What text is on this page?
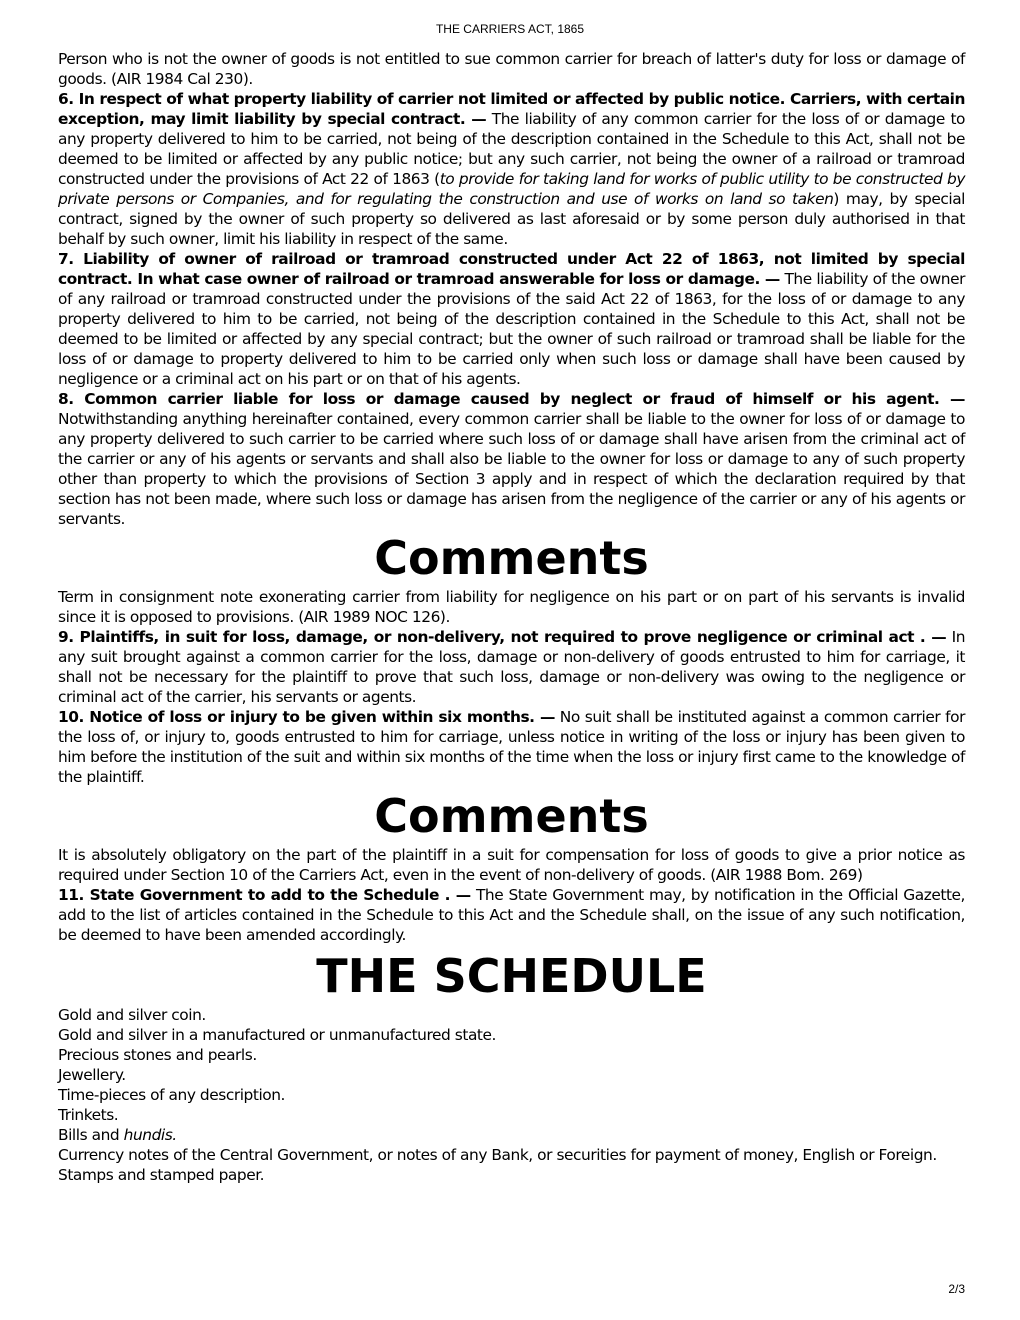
THE CARRIERS ACT, 1865

Person who is not the owner of goods is not entitled to sue common carrier for breach of latter's duty for loss or damage of goods. (AIR 1984 Cal 230).

6. In respect of what property liability of carrier not limited or affected by public notice. Carriers, with certain exception, may limit liability by special contract. — The liability of any common carrier for the loss of or damage to any property delivered to him to be carried, not being of the description contained in the Schedule to this Act, shall not be deemed to be limited or affected by any public notice; but any such carrier, not being the owner of a railroad or tramroad constructed under the provisions of Act 22 of 1863 (to provide for taking land for works of public utility to be constructed by private persons or Companies, and for regulating the construction and use of works on land so taken) may, by special contract, signed by the owner of such property so delivered as last aforesaid or by some person duly authorised in that behalf by such owner, limit his liability in respect of the same.

7. Liability of owner of railroad or tramroad constructed under Act 22 of 1863, not limited by special contract. In what case owner of railroad or tramroad answerable for loss or damage. — The liability of the owner of any railroad or tramroad constructed under the provisions of the said Act 22 of 1863, for the loss of or damage to any property delivered to him to be carried, not being of the description contained in the Schedule to this Act, shall not be deemed to be limited or affected by any special contract; but the owner of such railroad or tramroad shall be liable for the loss of or damage to property delivered to him to be carried only when such loss or damage shall have been caused by negligence or a criminal act on his part or on that of his agents.

8. Common carrier liable for loss or damage caused by neglect or fraud of himself or his agent. — Notwithstanding anything hereinafter contained, every common carrier shall be liable to the owner for loss of or damage to any property delivered to such carrier to be carried where such loss of or damage shall have arisen from the criminal act of the carrier or any of his agents or servants and shall also be liable to the owner for loss or damage to any of such property other than property to which the provisions of Section 3 apply and in respect of which the declaration required by that section has not been made, where such loss or damage has arisen from the negligence of the carrier or any of his agents or servants.

Comments

Term in consignment note exonerating carrier from liability for negligence on his part or on part of his servants is invalid since it is opposed to provisions. (AIR 1989 NOC 126).

9. Plaintiffs, in suit for loss, damage, or non-delivery, not required to prove negligence or criminal act . — In any suit brought against a common carrier for the loss, damage or non-delivery of goods entrusted to him for carriage, it shall not be necessary for the plaintiff to prove that such loss, damage or non-delivery was owing to the negligence or criminal act of the carrier, his servants or agents.

10. Notice of loss or injury to be given within six months. — No suit shall be instituted against a common carrier for the loss of, or injury to, goods entrusted to him for carriage, unless notice in writing of the loss or injury has been given to him before the institution of the suit and within six months of the time when the loss or injury first came to the knowledge of the plaintiff.

Comments

It is absolutely obligatory on the part of the plaintiff in a suit for compensation for loss of goods to give a prior notice as required under Section 10 of the Carriers Act, even in the event of non-delivery of goods. (AIR 1988 Bom. 269)

11. State Government to add to the Schedule . — The State Government may, by notification in the Official Gazette, add to the list of articles contained in the Schedule to this Act and the Schedule shall, on the issue of any such notification, be deemed to have been amended accordingly.

THE SCHEDULE

Gold and silver coin.

Gold and silver in a manufactured or unmanufactured state.

Precious stones and pearls.

Jewellery.

Time-pieces of any description.

Trinkets.

Bills and hundis.

Currency notes of the Central Government, or notes of any Bank, or securities for payment of money, English or Foreign.

Stamps and stamped paper.

2/3
